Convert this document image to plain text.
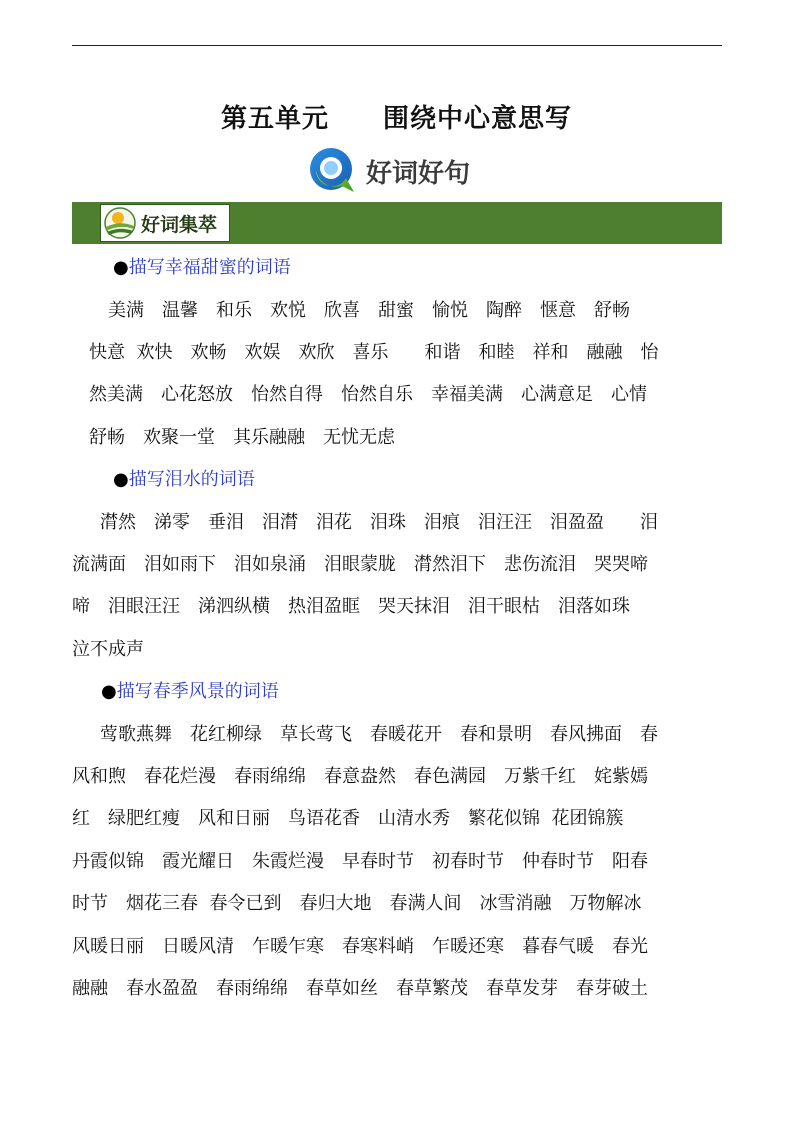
第五单元　　围绕中心意思写
好词好句
好词集萃
●描写幸福甜蜜的词语
美满　温馨　和乐　欢悦　欣喜　甜蜜　愉悦　陶醉　惬意　舒畅
快意  欢快　欢畅　欢娱　欢欣　喜乐　　和谐　和睦　祥和　融融　怡
然美满　心花怒放　怡然自得　怡然自乐　幸福美满　心满意足　心情
舒畅　欢聚一堂　其乐融融　无忧无虑
●描写泪水的词语
潸然　涕零　垂泪　泪潸　泪花　泪珠　泪痕　泪汪汪　泪盈盈　　泪
流满面　泪如雨下　泪如泉涌　泪眼蒙胧　潸然泪下　悲伤流泪　哭哭啼
啼　泪眼汪汪　涕泗纵横　热泪盈眶　哭天抹泪　泪干眼枯　泪落如珠
泣不成声
●描写春季风景的词语
莺歌燕舞　花红柳绿　草长莺飞　春暖花开　春和景明　春风拂面　春
风和煦　春花烂漫　春雨绵绵　春意盎然　春色满园　万紫千红　姹紫嫣
红　绿肥红瘦　风和日丽　鸟语花香　山清水秀　繁花似锦  花团锦簇
丹霞似锦　霞光耀日　朱霞烂漫　早春时节　初春时节　仲春时节　阳春
时节　烟花三春  春令已到　春归大地　春满人间　冰雪消融　万物解冰
风暖日丽　日暖风清　乍暖乍寒　春寒料峭　乍暖还寒　暮春气暖　春光
融融　春水盈盈　春雨绵绵　春草如丝　春草繁茂　春草发芽　春芽破土
